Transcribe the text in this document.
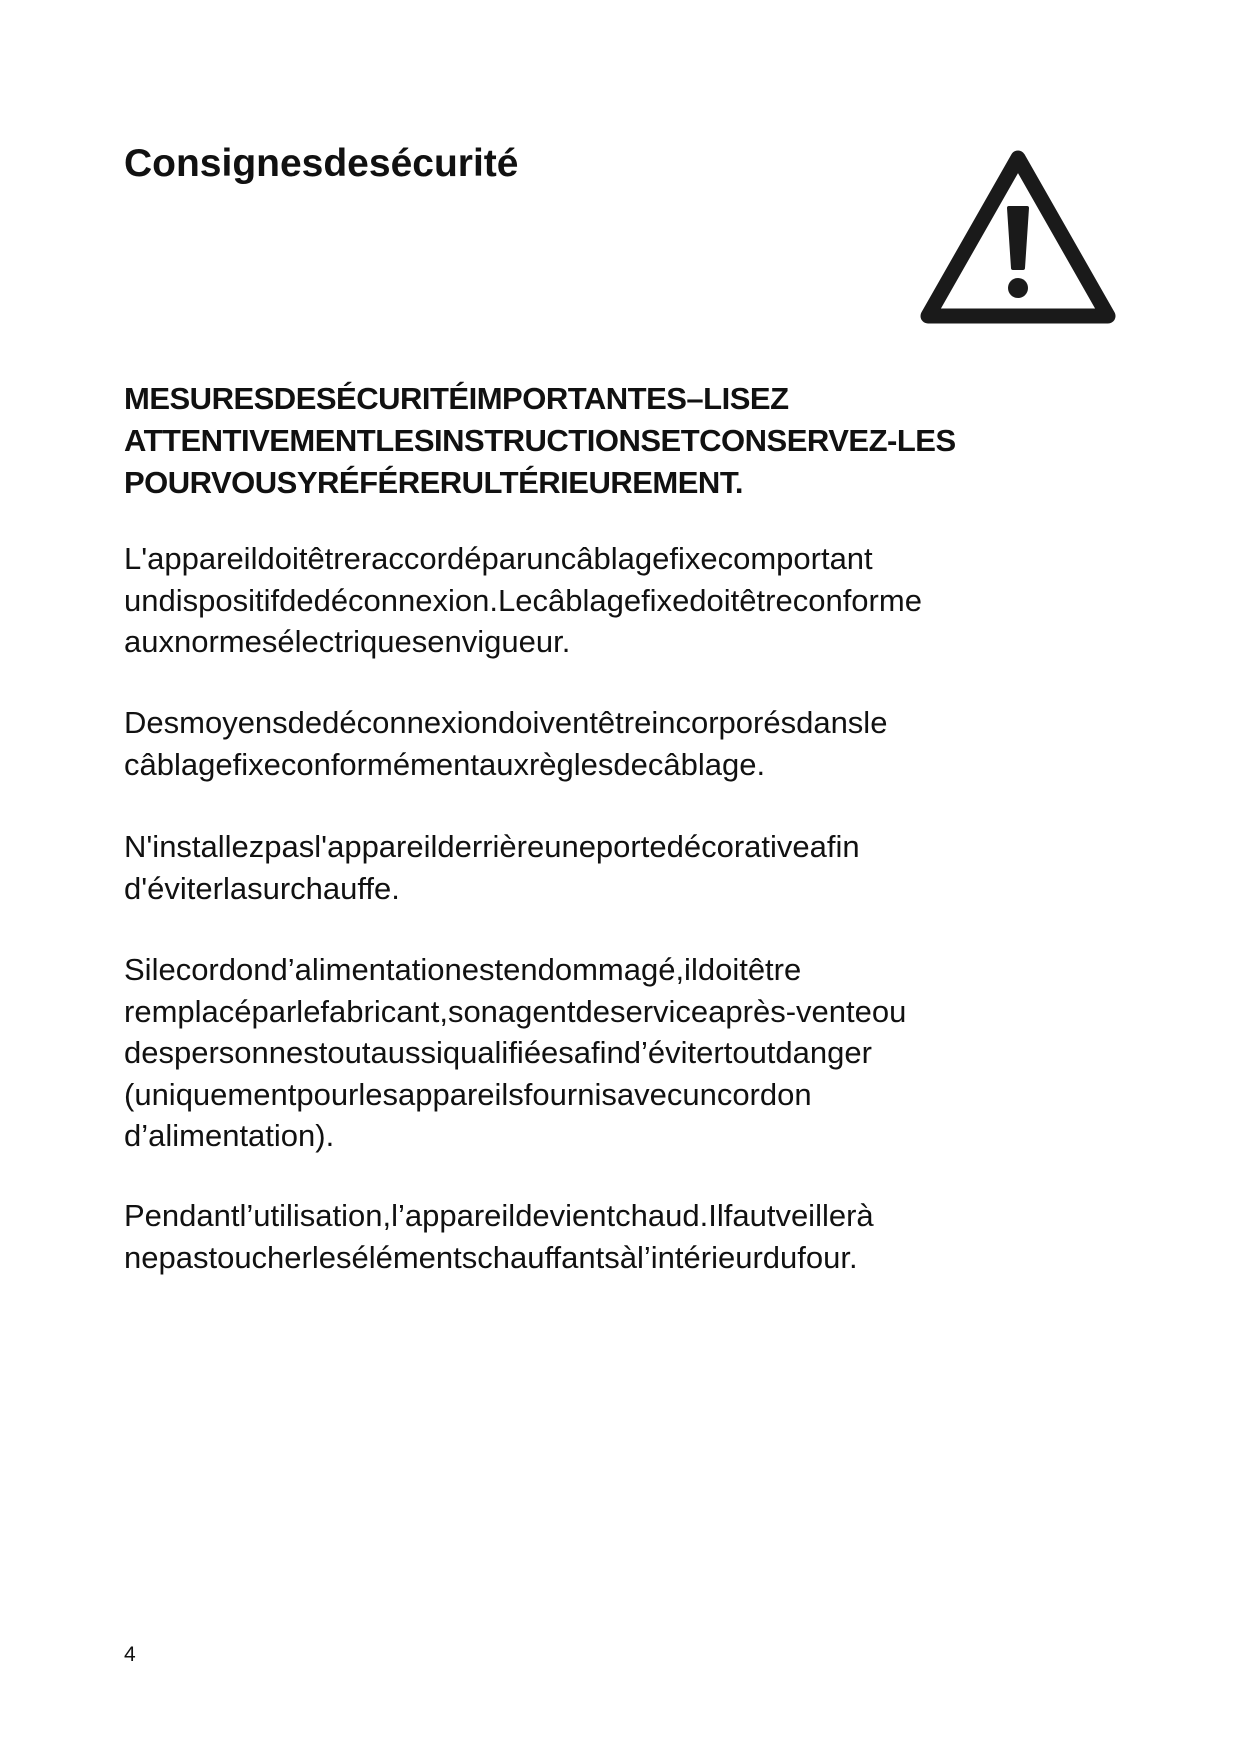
Consignesdesécurité
MESURESDESÉCURITÉIMPORTANTES–LISEZ
ATTENTIVEMENTLESINSTRUCTIONSETCONSERVEZ-LES
POURVOUSYRÉFÉRERULTÉRIEUREMENT.

L'appareildoitêtreraccordéparuncâblagefixecomportant
undispositifdedéconnexion.Lecâblagefixedoitêtreconforme
auxnormesélectriquesenvigueur.

Desmoyensdedéconnexiondoiventêtreincorporésdansle
câblagefixeconformémentauxrèglesdecâblage.

N'installezpasl'appareilderrièreuneportedécorativeafin
d'éviterlasurchauffe.

Silecordond’alimentationestendommagé,ildoitêtre
remplacéparlefabricant,sonagentdeserviceaprès-venteou
despersonnestoutaussiqualifiéesafind’évitertoutdanger
(uniquementpourlesappareilsfournisavecuncordon
d’alimentation).

Pendantl’utilisation,l’appareildevientchaud.Ilfautveillerà
nepastoucherlesélémentschauffantsàl’intérieurdufour.

4
